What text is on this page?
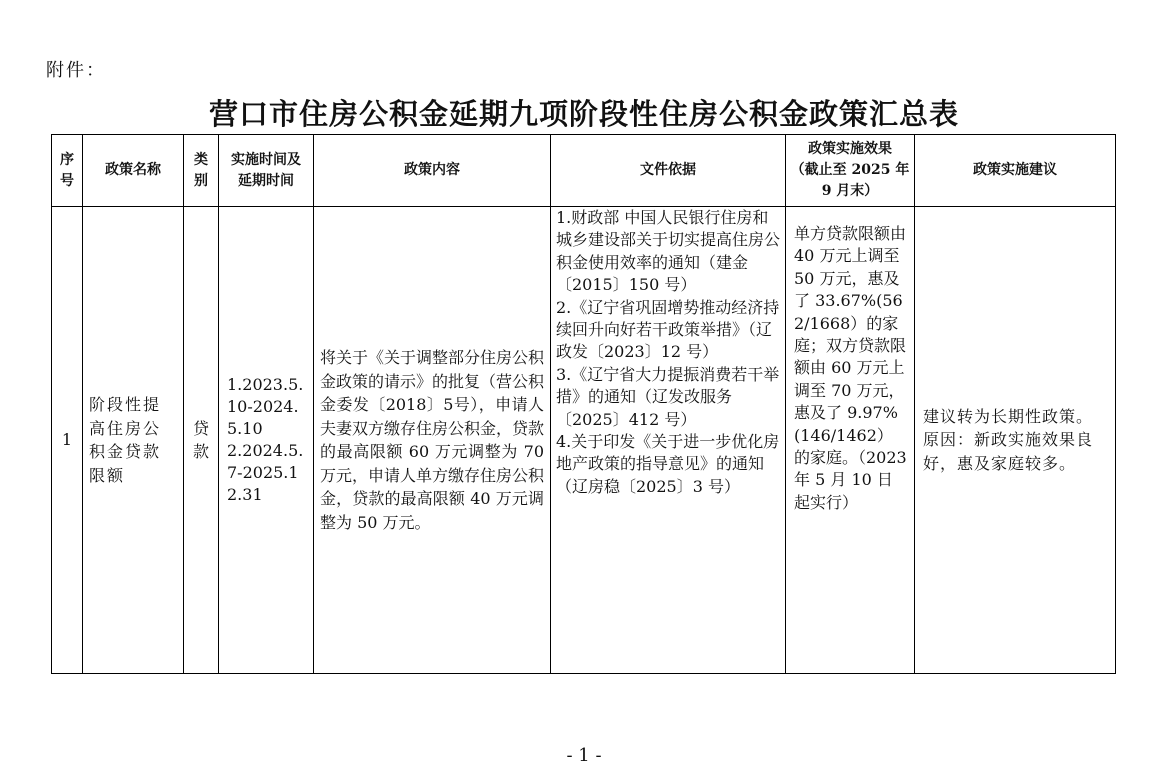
附件：
营口市住房公积金延期九项阶段性住房公积金政策汇总表
序
号	政策名称	类
别	实施时间及
延期时间	政策内容	文件依据	政策实施效果
（截止至 2025 年
9 月末）	政策实施建议

1	阶段性提高住房公积金贷款限额	贷
款	1.2023.5.10-2024.5.10
2.2024.5.7-2025.12.31	将关于《关于调整部分住房公积金政策的请示》的批复（营公积金委发〔2018〕5号），申请人夫妻双方缴存住房公积金，贷款的最高限额 60 万元调整为 70 万元，申请人单方缴存住房公积金，贷款的最高限额 40 万元调整为 50 万元。	1.财政部 中国人民银行住房和城乡建设部关于切实提高住房公积金使用效率的通知（建金〔2015〕150 号）
2.《辽宁省巩固增势推动经济持续回升向好若干政策举措》（辽政发〔2023〕12 号）
3.《辽宁省大力提振消费若干举措》的通知（辽发改服务〔2025〕412 号）
4.关于印发《关于进一步优化房地产政策的指导意见》的通知（辽房稳〔2025〕3 号）	单方贷款限额由 40 万元上调至 50 万元，惠及了 33.67%(562/1668）的家庭；双方贷款限额由 60 万元上调至 70 万元，惠及了 9.97%(146/1462）的家庭。（2023 年 5 月 10 日起实行）	建议转为长期性政策。
原因：新政实施效果良好，惠及家庭较多。
- 1 -
